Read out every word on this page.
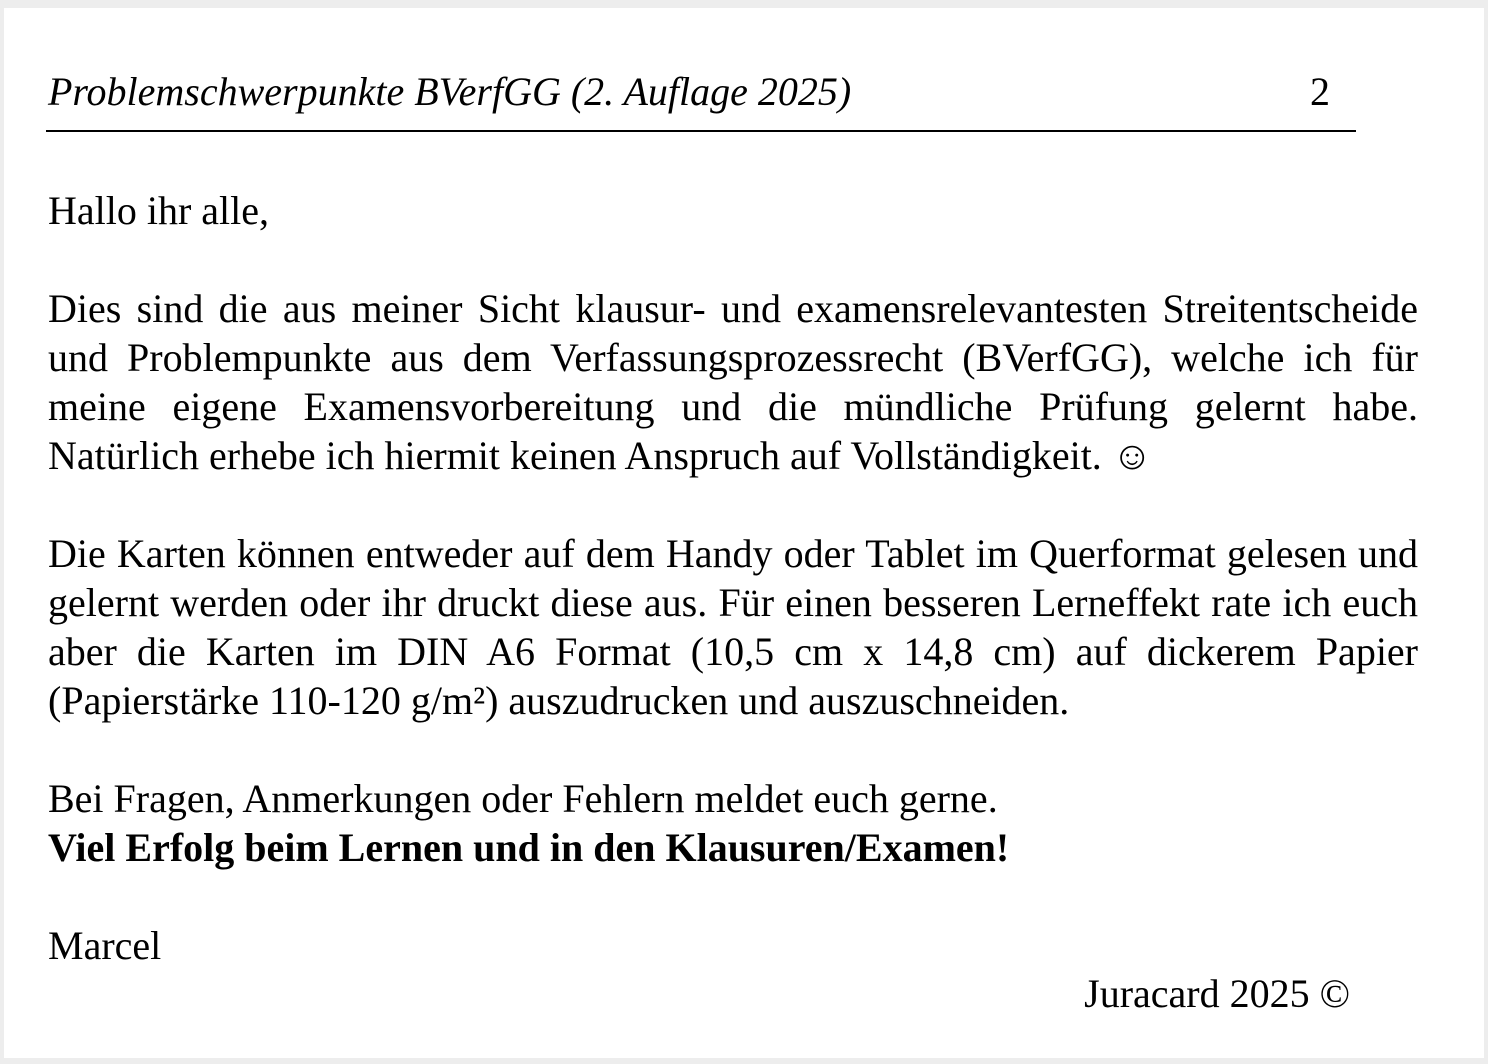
Problemschwerpunkte BVerfGG (2. Auflage 2025)	2

Hallo ihr alle,

Dies sind die aus meiner Sicht klausur- und examensrelevantesten Streitentscheide und Problempunkte aus dem Verfassungsprozessrecht (BVerfGG), welche ich für meine eigene Examensvorbereitung und die mündliche Prüfung gelernt habe. Natürlich erhebe ich hiermit keinen Anspruch auf Vollständigkeit. ☺

Die Karten können entweder auf dem Handy oder Tablet im Querformat gelesen und gelernt werden oder ihr druckt diese aus. Für einen besseren Lerneffekt rate ich euch aber die Karten im DIN A6 Format (10,5 cm x 14,8 cm) auf dickerem Papier (Papierstärke 110-120 g/m²) auszudrucken und auszuschneiden.

Bei Fragen, Anmerkungen oder Fehlern meldet euch gerne.

Viel Erfolg beim Lernen und in den Klausuren/Examen!

Marcel

Juracard 2025 ©
